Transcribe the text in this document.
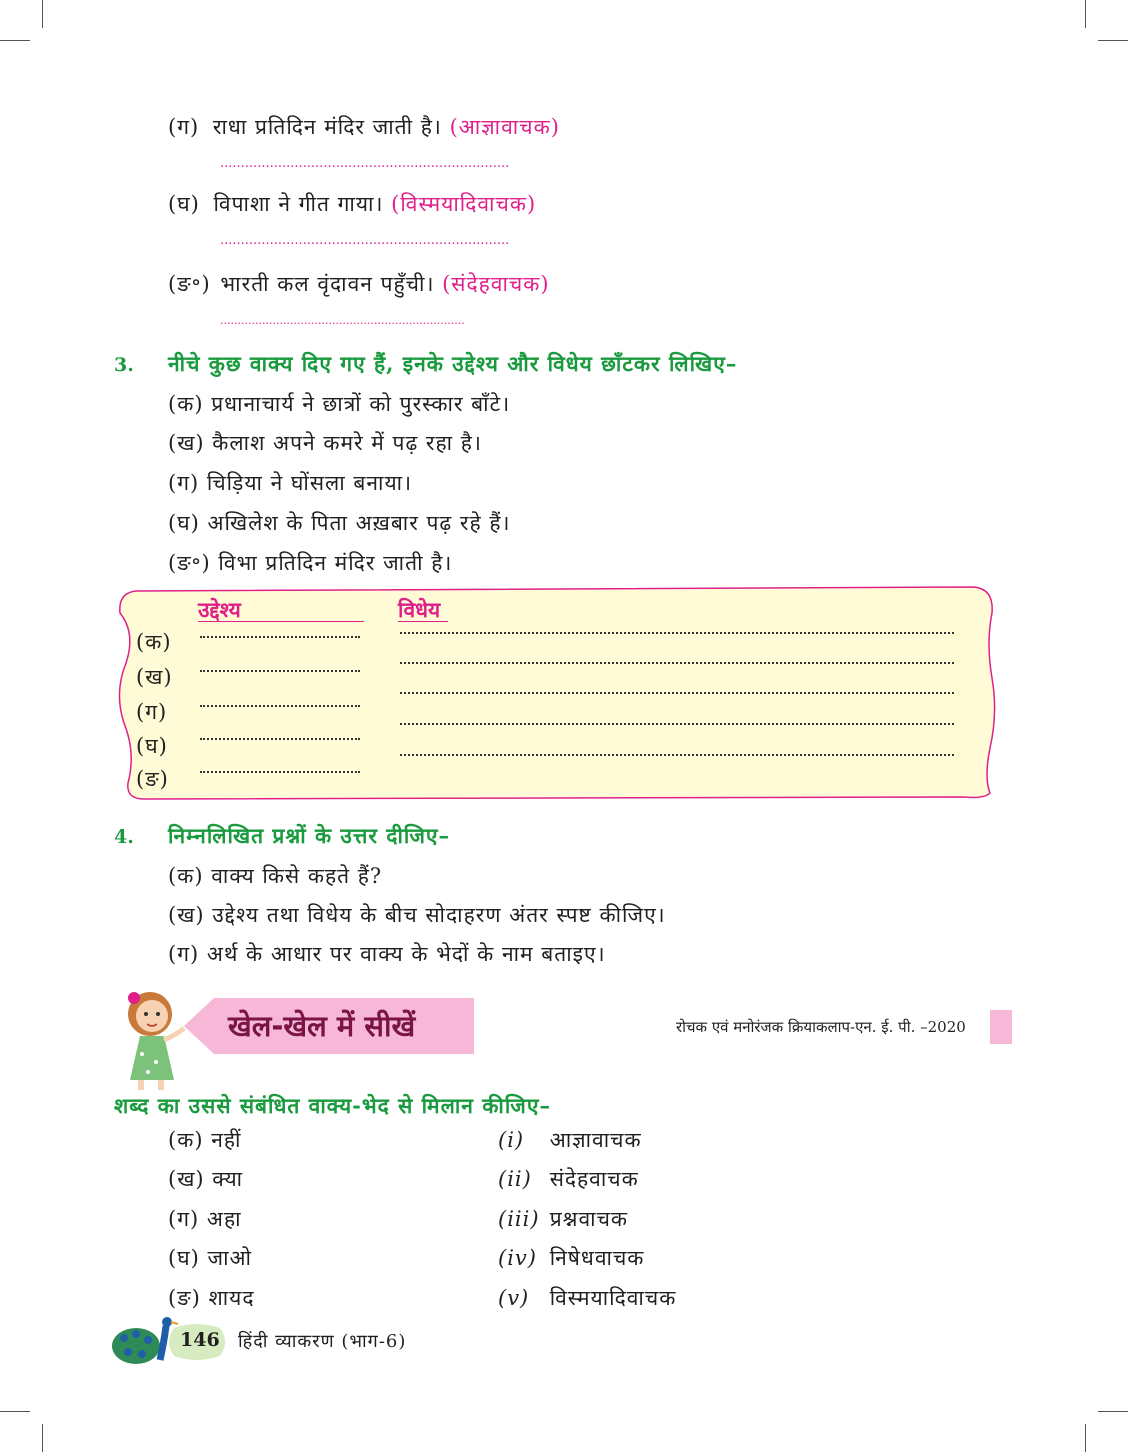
(ग) राधा प्रतिदिन मंदिर जाती है। (आज्ञावाचक)
......................................................................
(घ) विपाशा ने गीत गाया। (विस्मयादिवाचक)
......................................................................
(ङ॰) भारती कल वृंदावन पहुँची। (संदेहवाचक)
......................................................................
3. नीचे कुछ वाक्य दिए गए हैं, इनके उद्देश्य और विधेय छाँटकर लिखिए–
(क) प्रधानाचार्य ने छात्रों को पुरस्कार बाँटे।
(ख) कैलाश अपने कमरे में पढ़ रहा है।
(ग) चिड़िया ने घोंसला बनाया।
(घ) अखिलेश के पिता अख़बार पढ़ रहे हैं।
(ङ॰) विभा प्रतिदिन मंदिर जाती है।
उद्देश्य	विधेय
(क)
(ख)
(ग)
(घ)
(ङ)
4. निम्नलिखित प्रश्नों के उत्तर दीजिए–
(क) वाक्य किसे कहते हैं?
(ख) उद्देश्य तथा विधेय के बीच सोदाहरण अंतर स्पष्ट कीजिए।
(ग) अर्थ के आधार पर वाक्य के भेदों के नाम बताइए।
खेल-खेल में सीखें	रोचक एवं मनोरंजक क्रियाकलाप-एन. ई. पी. –2020
शब्द का उससे संबंधित वाक्य-भेद से मिलान कीजिए–
(क) नहीं
(ख) क्या
(ग) अहा
(घ) जाओ
(ङ) शायद
(i) आज्ञावाचक
(ii) संदेहवाचक
(iii) प्रश्नवाचक
(iv) निषेधवाचक
(v) विस्मयादिवाचक
146 हिंदी व्याकरण (भाग-6)
